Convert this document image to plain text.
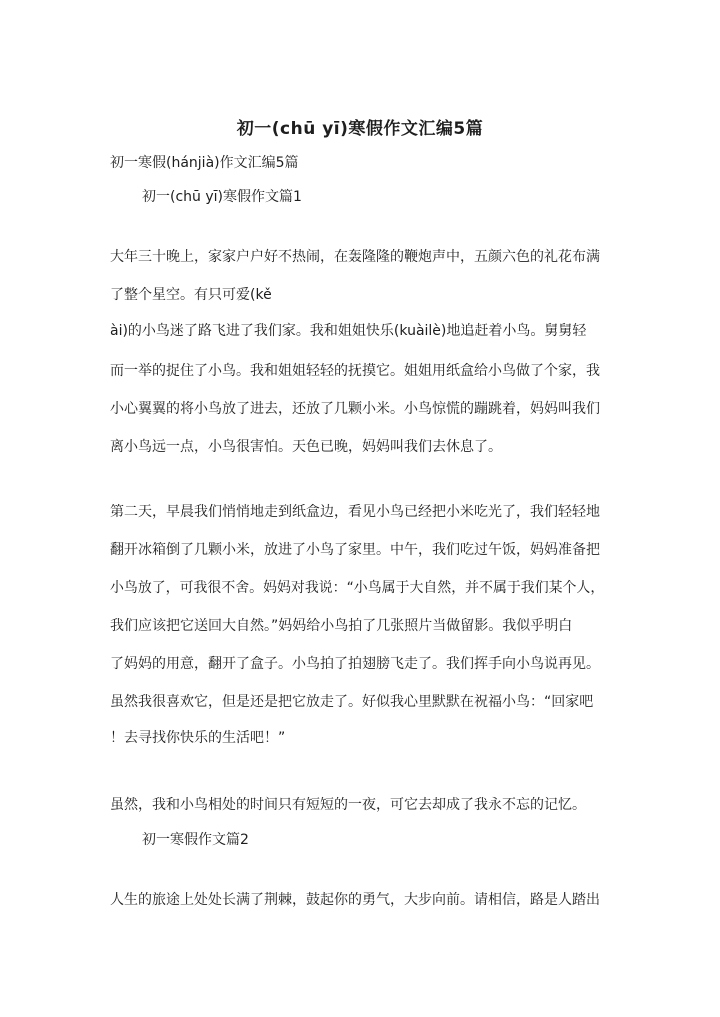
初一(chū yī)寒假作文汇编5篇
初一寒假(hánjià)作文汇编5篇
初一(chū yī)寒假作文篇1
大年三十晚上，家家户户好不热闹，在轰隆隆的鞭炮声中，五颜六色的礼花布满
了整个星空。有只可爱(kě
ài)的小鸟迷了路飞进了我们家。我和姐姐快乐(kuàilè)地追赶着小鸟。舅舅轻
而一举的捉住了小鸟。我和姐姐轻轻的抚摸它。姐姐用纸盒给小鸟做了个家，我
小心翼翼的将小鸟放了进去，还放了几颗小米。小鸟惊慌的蹦跳着，妈妈叫我们
离小鸟远一点，小鸟很害怕。天色已晚，妈妈叫我们去休息了。
第二天，早晨我们悄悄地走到纸盒边，看见小鸟已经把小米吃光了，我们轻轻地
翻开冰箱倒了几颗小米，放进了小鸟了家里。中午，我们吃过午饭，妈妈准备把
小鸟放了，可我很不舍。妈妈对我说：“小鸟属于大自然，并不属于我们某个人，
我们应该把它送回大自然。”妈妈给小鸟拍了几张照片当做留影。我似乎明白
了妈妈的用意，翻开了盒子。小鸟拍了拍翅膀飞走了。我们挥手向小鸟说再见。
虽然我很喜欢它，但是还是把它放走了。好似我心里默默在祝福小鸟：“回家吧
！去寻找你快乐的生活吧！”
虽然，我和小鸟相处的时间只有短短的一夜，可它去却成了我永不忘的记忆。
初一寒假作文篇2
人生的旅途上处处长满了荆棘，鼓起你的勇气，大步向前。请相信，路是人踏出
